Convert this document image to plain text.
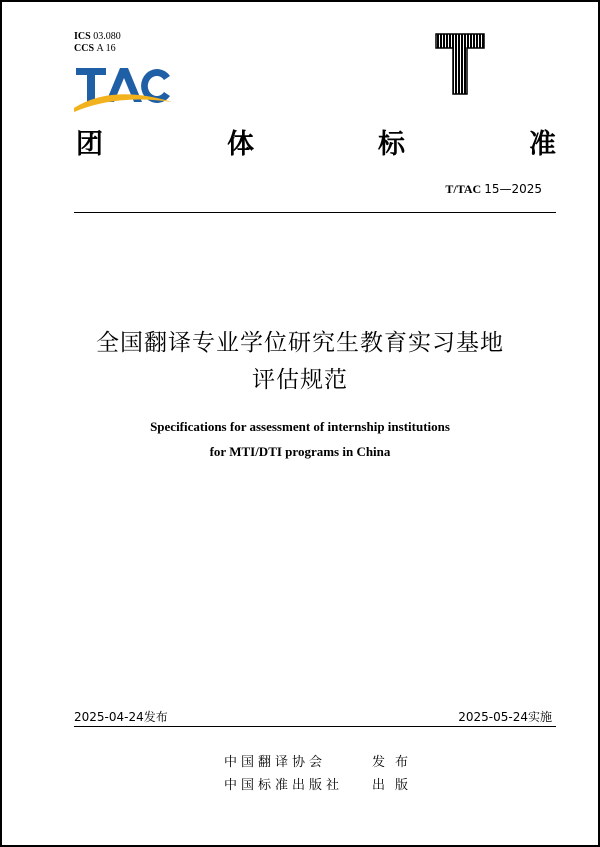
ICS 03.080
CCS A 16
团	体	标	准
T/TAC 15—2025
全国翻译专业学位研究生教育实习基地
评估规范
Specifications for assessment of internship institutions
for MTI/DTI programs in China
2025-04-24发布	2025-05-24实施
中国翻译协会	发布
中国标准出版社	出版
